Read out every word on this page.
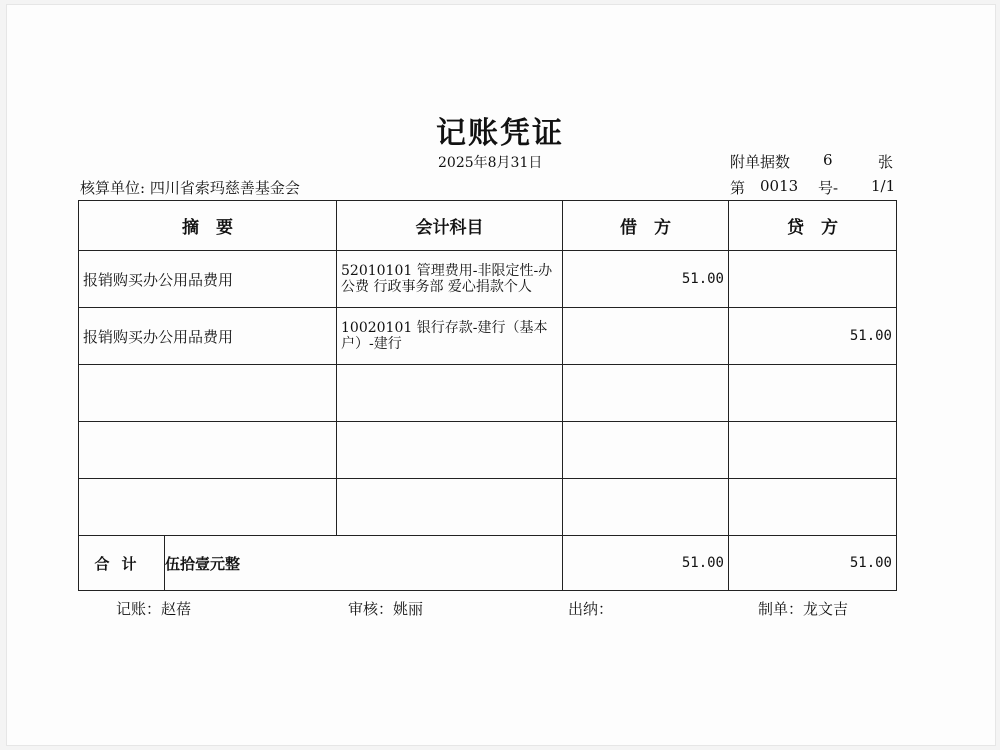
记账凭证
2025年8月31日	附单据数 6	张
核算单位: 四川省索玛慈善基金会	第 0013 号- 1/1
摘　要		会计科目	借　方	贷　方
报销购买办公用品费用		52010101 管理费用-非限定性-办公费 行政事务部 爱心捐款个人	51.00	
报销购买办公用品费用		10020101 银行存款-建行（基本户）-建行		51.00

合计	伍拾壹元整		51.00	51.00
记账：赵蓓	审核：姚丽	出纳：	制单：龙文吉
